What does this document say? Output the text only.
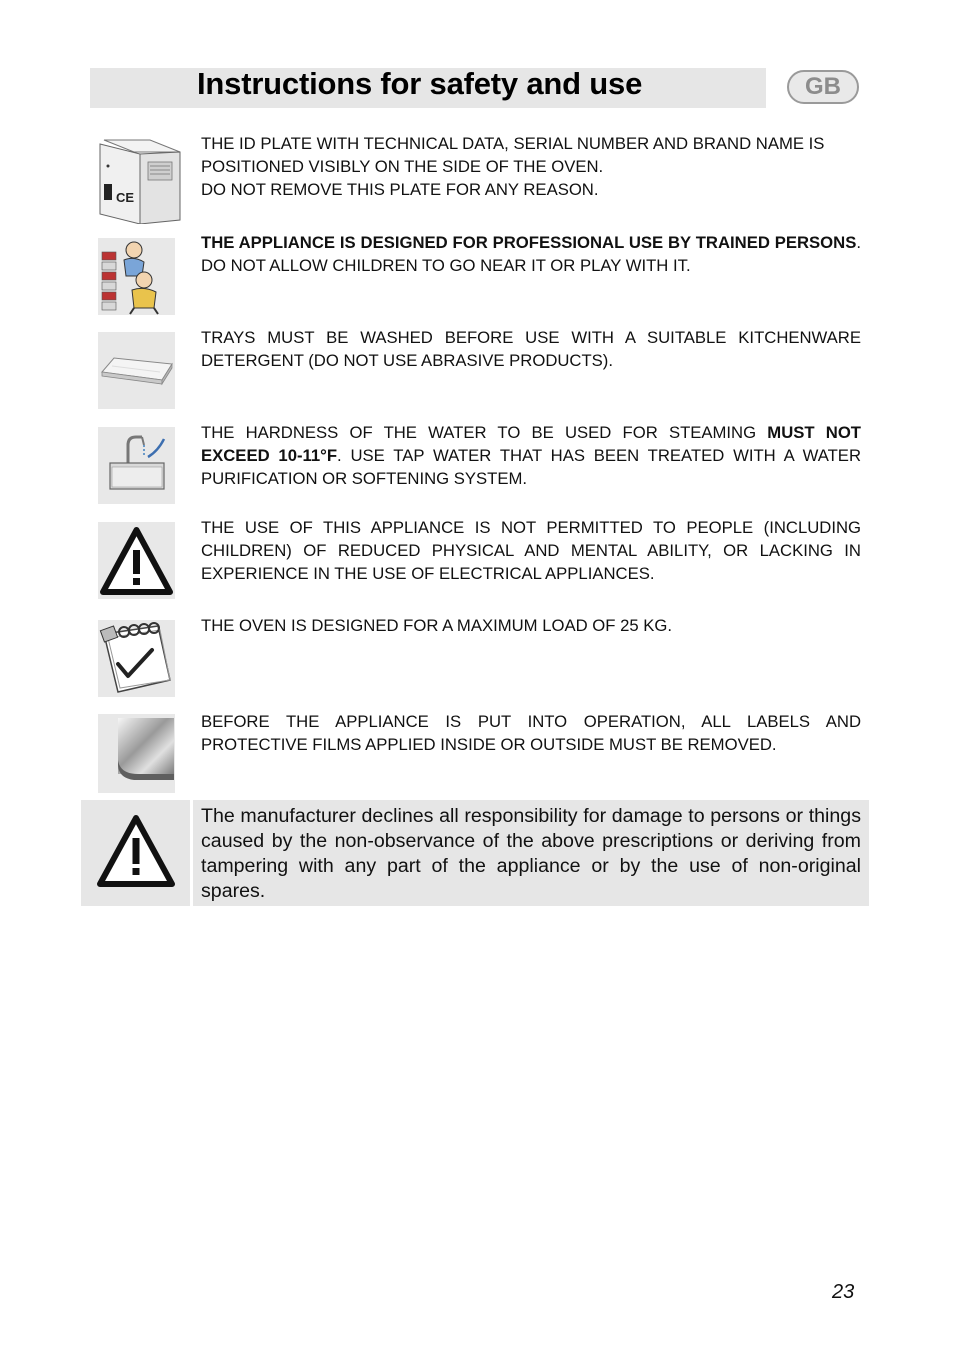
Instructions for safety and use	GB
CE

THE ID PLATE WITH TECHNICAL DATA, SERIAL NUMBER AND BRAND NAME IS POSITIONED VISIBLY ON THE SIDE OF THE OVEN.

DO NOT REMOVE THIS PLATE FOR ANY REASON.

THE APPLIANCE IS DESIGNED FOR PROFESSIONAL USE BY TRAINED PERSONS. DO NOT ALLOW CHILDREN TO GO NEAR IT OR PLAY WITH IT.

TRAYS MUST BE WASHED BEFORE USE WITH A SUITABLE KITCHENWARE DETERGENT (DO NOT USE ABRASIVE PRODUCTS).

THE HARDNESS OF THE WATER TO BE USED FOR STEAMING MUST NOT EXCEED 10-11°F. USE TAP WATER THAT HAS BEEN TREATED WITH A WATER PURIFICATION OR SOFTENING SYSTEM.

THE USE OF THIS APPLIANCE IS NOT PERMITTED TO PEOPLE (INCLUDING CHILDREN) OF REDUCED PHYSICAL AND MENTAL ABILITY, OR LACKING IN EXPERIENCE IN THE USE OF ELECTRICAL APPLIANCES.

THE OVEN IS DESIGNED FOR A MAXIMUM LOAD OF 25 KG.

BEFORE THE APPLIANCE IS PUT INTO OPERATION, ALL LABELS AND PROTECTIVE FILMS APPLIED INSIDE OR OUTSIDE MUST BE REMOVED.

The manufacturer declines all responsibility for damage to persons or things caused by the non-observance of the above prescriptions or deriving from tampering with any part of the appliance or by the use of non-original spares.
23
